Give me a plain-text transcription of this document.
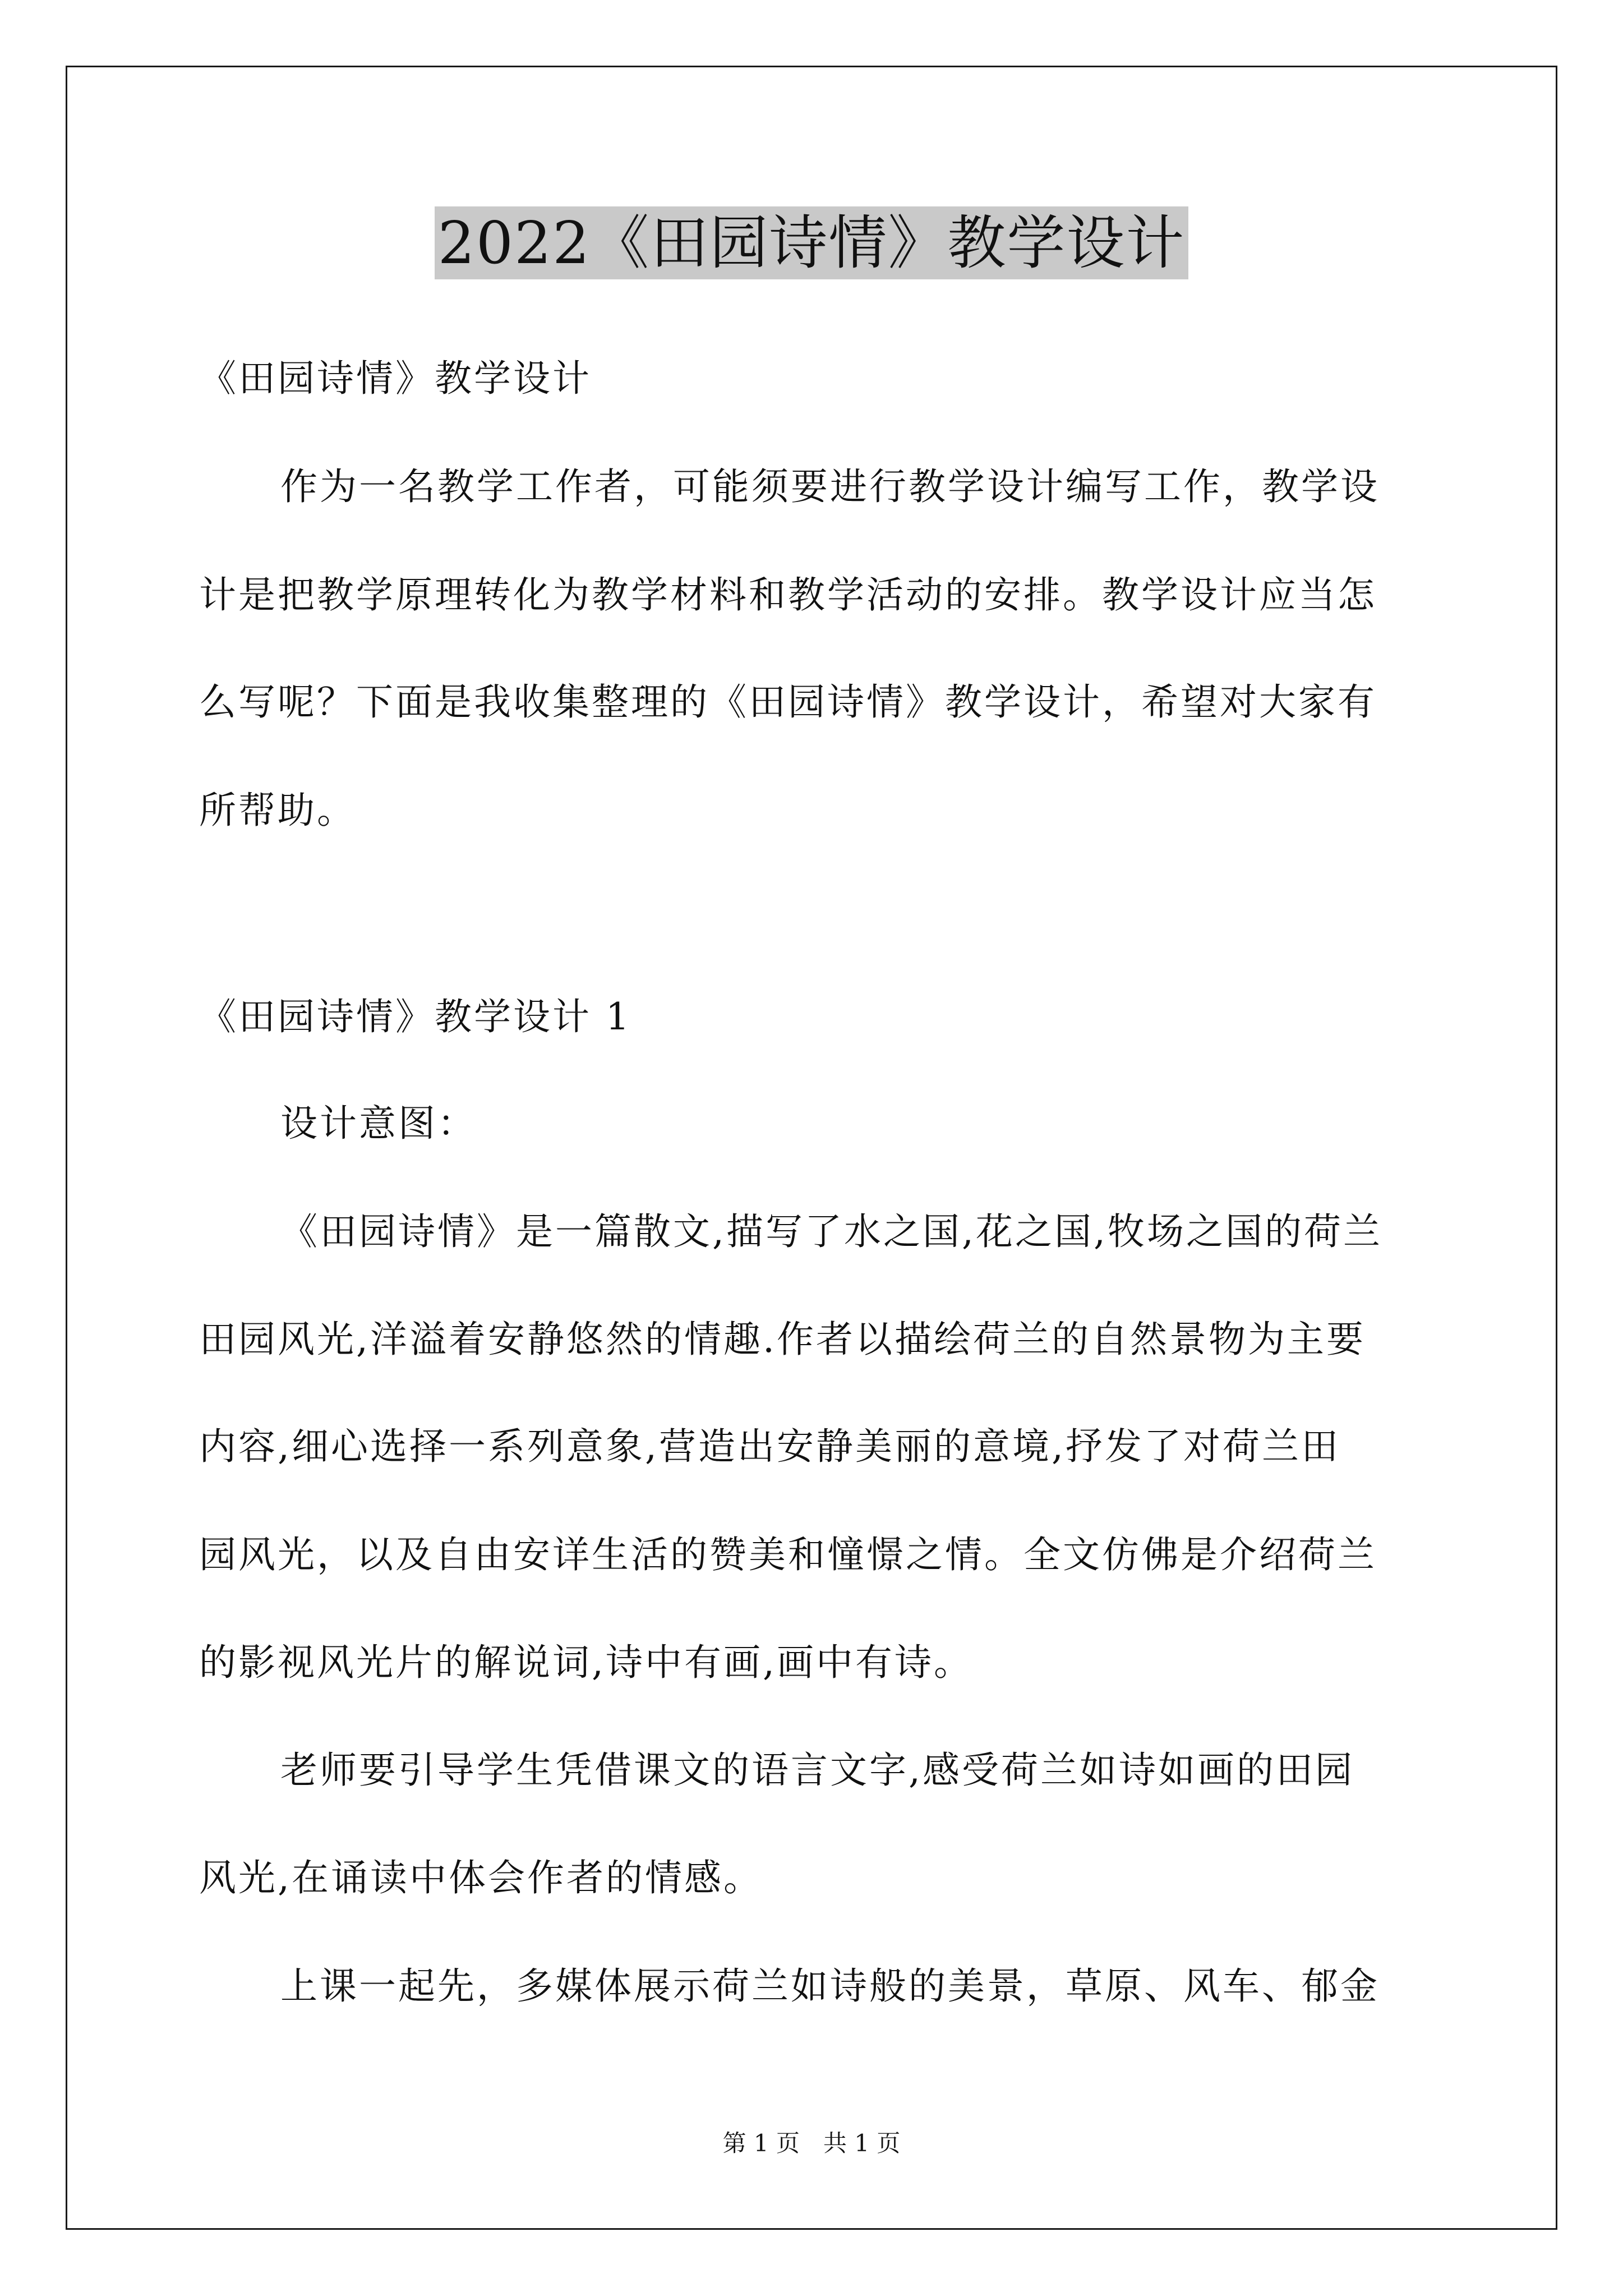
2022《田园诗情》教学设计
《田园诗情》教学设计
作为一名教学工作者，可能须要进行教学设计编写工作，教学设
计是把教学原理转化为教学材料和教学活动的安排。教学设计应当怎
么写呢？下面是我收集整理的《田园诗情》教学设计，希望对大家有
所帮助。
《田园诗情》教学设计 1
设计意图：
《田园诗情》是一篇散文,描写了水之国,花之国,牧场之国的荷兰
田园风光,洋溢着安静悠然的情趣.作者以描绘荷兰的自然景物为主要
内容,细心选择一系列意象,营造出安静美丽的意境,抒发了对荷兰田
园风光，以及自由安详生活的赞美和憧憬之情。全文仿佛是介绍荷兰
的影视风光片的解说词,诗中有画,画中有诗。
老师要引导学生凭借课文的语言文字,感受荷兰如诗如画的田园
风光,在诵读中体会作者的情感。
上课一起先，多媒体展示荷兰如诗般的美景，草原、风车、郁金
第 1 页　共 1 页
